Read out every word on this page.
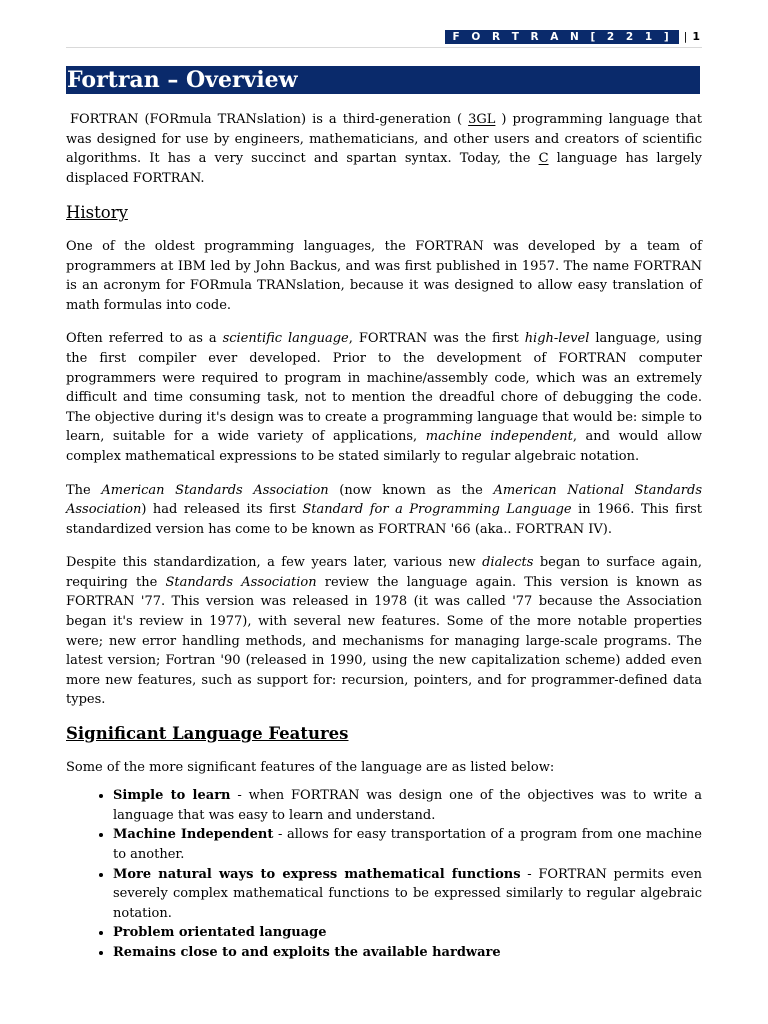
F O R T R A N [ 2 2 1 ]	| 1
Fortran – Overview

FORTRAN (FORmula TRANslation) is a third-generation ( 3GL ) programming language that was designed for use by engineers, mathematicians, and other users and creators of scientific algorithms. It has a very succinct and spartan syntax. Today, the C language has largely displaced FORTRAN.

History

One of the oldest programming languages, the FORTRAN was developed by a team of programmers at IBM led by John Backus, and was first published in 1957. The name FORTRAN is an acronym for FORmula TRANslation, because it was designed to allow easy translation of math formulas into code.

Often referred to as a scientific language, FORTRAN was the first high-level language, using the first compiler ever developed. Prior to the development of FORTRAN computer programmers were required to program in machine/assembly code, which was an extremely difficult and time consuming task, not to mention the dreadful chore of debugging the code. The objective during it's design was to create a programming language that would be: simple to learn, suitable for a wide variety of applications, machine independent, and would allow complex mathematical expressions to be stated similarly to regular algebraic notation.

The American Standards Association (now known as the American National Standards Association) had released its first Standard for a Programming Language in 1966. This first standardized version has come to be known as FORTRAN '66 (aka.. FORTRAN IV).

Despite this standardization, a few years later, various new dialects began to surface again, requiring the Standards Association review the language again. This version is known as FORTRAN '77. This version was released in 1978 (it was called '77 because the Association began it's review in 1977), with several new features. Some of the more notable properties were; new error handling methods, and mechanisms for managing large-scale programs. The latest version; Fortran '90 (released in 1990, using the new capitalization scheme) added even more new features, such as support for: recursion, pointers, and for programmer-defined data types.

Significant Language Features

Some of the more significant features of the language are as listed below:

• Simple to learn - when FORTRAN was design one of the objectives was to write a language that was easy to learn and understand.
• Machine Independent - allows for easy transportation of a program from one machine to another.
• More natural ways to express mathematical functions - FORTRAN permits even severely complex mathematical functions to be expressed similarly to regular algebraic notation.
• Problem orientated language
• Remains close to and exploits the available hardware
